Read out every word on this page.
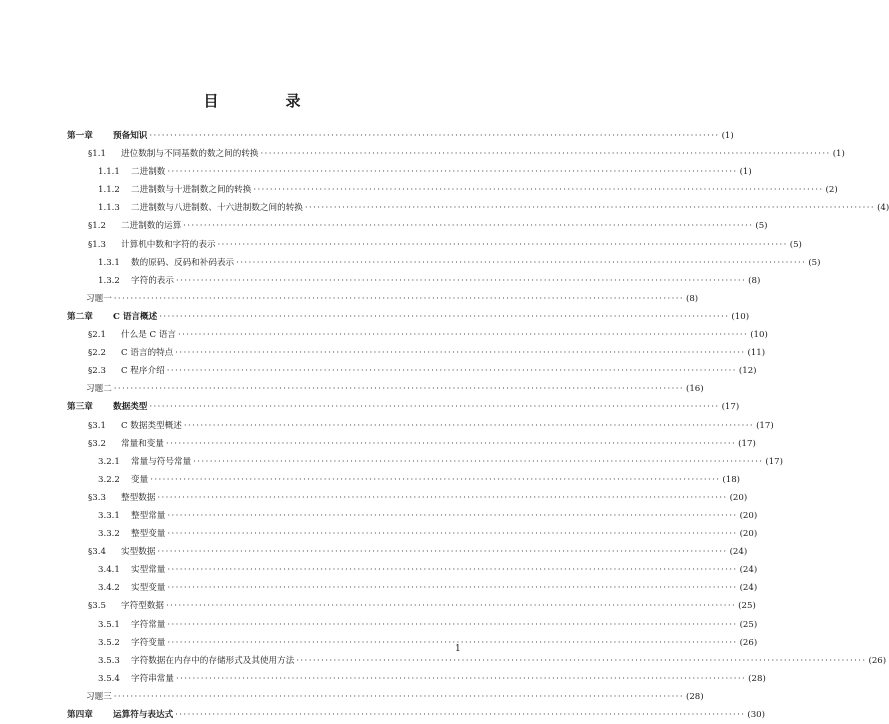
目　录
第一章	预备知识 ·····	(1)
§1.1	进位数制与不同基数的数之间的转换 ·····	(1)
1.1.1	二进制数 ·····	(1)
1.1.2	二进制数与十进制数之间的转换 ·····	(2)
1.1.3	二进制数与八进制数、十六进制数之间的转换 ·····	(4)
§1.2	二进制数的运算 ·····	(5)
§1.3	计算机中数和字符的表示 ·····	(5)
1.3.1	数的原码、反码和补码表示 ·····	(5)
1.3.2	字符的表示 ·····	(8)
习题一 ·····	(8)
第二章	C 语言概述 ·····	(10)
§2.1	什么是 C 语言 ·····	(10)
§2.2	C 语言的特点 ·····	(11)
§2.3	C 程序介绍 ·····	(12)
习题二 ·····	(16)
第三章	数据类型 ·····	(17)
§3.1	C 数据类型概述 ·····	(17)
§3.2	常量和变量 ·····	(17)
3.2.1	常量与符号常量 ·····	(17)
3.2.2	变量 ·····	(18)
§3.3	整型数据 ·····	(20)
3.3.1	整型常量 ·····	(20)
3.3.2	整型变量 ·····	(20)
§3.4	实型数据 ·····	(24)
3.4.1	实型常量 ·····	(24)
3.4.2	实型变量 ·····	(24)
§3.5	字符型数据 ·····	(25)
3.5.1	字符常量 ·····	(25)
3.5.2	字符变量 ·····	(26)
3.5.3	字符数据在内存中的存储形式及其使用方法 ·····	(26)
3.5.4	字符串常量 ·····	(28)
习题三 ·····	(28)
第四章	运算符与表达式 ·····	(30)
1
